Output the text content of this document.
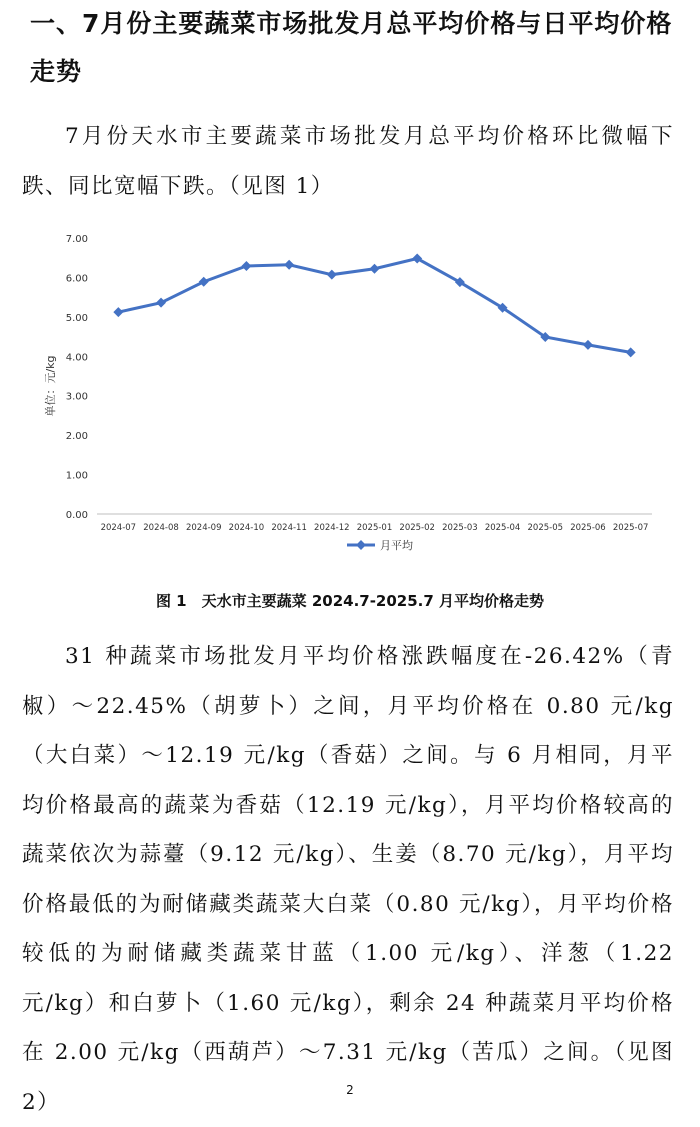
一、7月份主要蔬菜市场批发月总平均价格与日平均价格走势
7月份天水市主要蔬菜市场批发月总平均价格环比微幅下跌、同比宽幅下跌。（见图 1）
0.00
1.00
2.00
3.00
4.00
5.00
6.00
7.00
2024-07 2024-08 2024-09 2024-10 2024-11 2024-12 2025-01 2025-02 2025-03 2025-04 2025-05 2025-06 2025-07
单位：元/kg
月平均
图 1　天水市主要蔬菜 2024.7-2025.7 月平均价格走势
31 种蔬菜市场批发月平均价格涨跌幅度在-26.42%（青椒）～22.45%（胡萝卜）之间，月平均价格在 0.80 元/kg（大白菜）～12.19 元/kg（香菇）之间。与 6 月相同，月平均价格最高的蔬菜为香菇（12.19 元/kg），月平均价格较高的蔬菜依次为蒜薹（9.12 元/kg）、生姜（8.70 元/kg），月平均价格最低的为耐储藏类蔬菜大白菜（0.80 元/kg），月平均价格较低的为耐储藏类蔬菜甘蓝（1.00 元/kg）、洋葱（1.22 元/kg）和白萝卜（1.60 元/kg），剩余 24 种蔬菜月平均价格在 2.00 元/kg（西葫芦）～7.31 元/kg（苦瓜）之间。（见图 2）	2
